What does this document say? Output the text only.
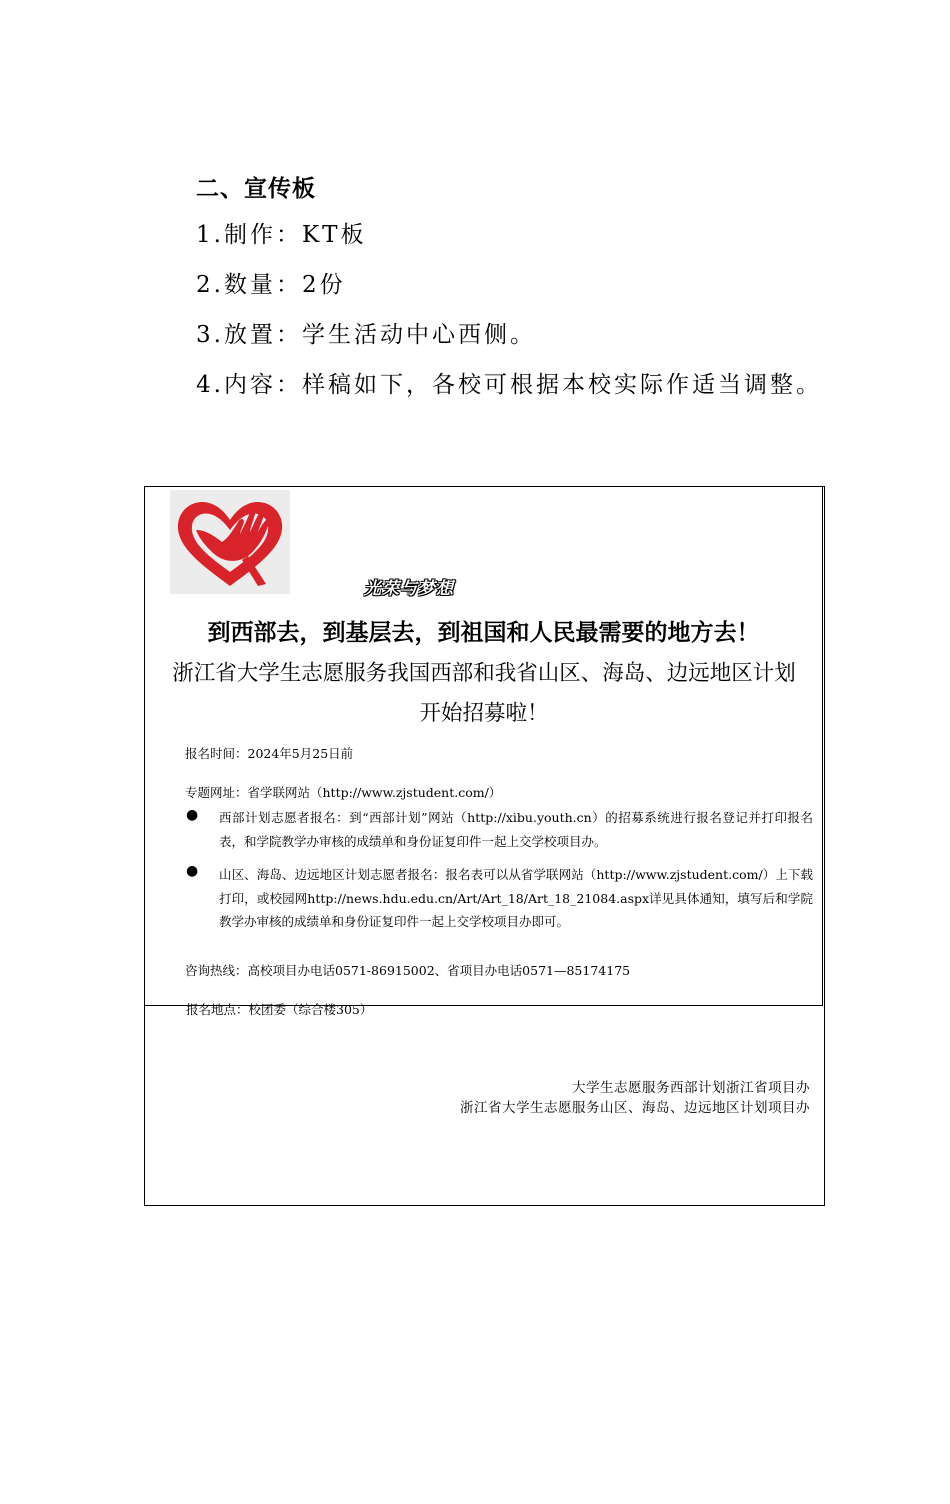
二、宣传板
1.制作：KT板
2.数量：2份
3.放置：学生活动中心西侧。
4.内容：样稿如下，各校可根据本校实际作适当调整。
光荣与梦想
到西部去，到基层去，到祖国和人民最需要的地方去！
浙江省大学生志愿服务我国西部和我省山区、海岛、边远地区计划
开始招募啦！
报名时间：2024年5月25日前
专题网址：省学联网站（http://www.zjstudent.com/）
● 西部计划志愿者报名：到“西部计划”网站（http://xibu.youth.cn）的招募系统进行报名登记并打印报名表，和学院教学办审核的成绩单和身份证复印件一起上交学校项目办。
● 山区、海岛、边远地区计划志愿者报名：报名表可以从省学联网站（http://www.zjstudent.com/）上下载打印，或校园网http://news.hdu.edu.cn/Art/Art_18/Art_18_21084.aspx详见具体通知，填写后和学院教学办审核的成绩单和身份证复印件一起上交学校项目办即可。
咨询热线：高校项目办电话0571-86915002、省项目办电话0571—85174175
报名地点：校团委（综合楼305）
大学生志愿服务西部计划浙江省项目办
浙江省大学生志愿服务山区、海岛、边远地区计划项目办
